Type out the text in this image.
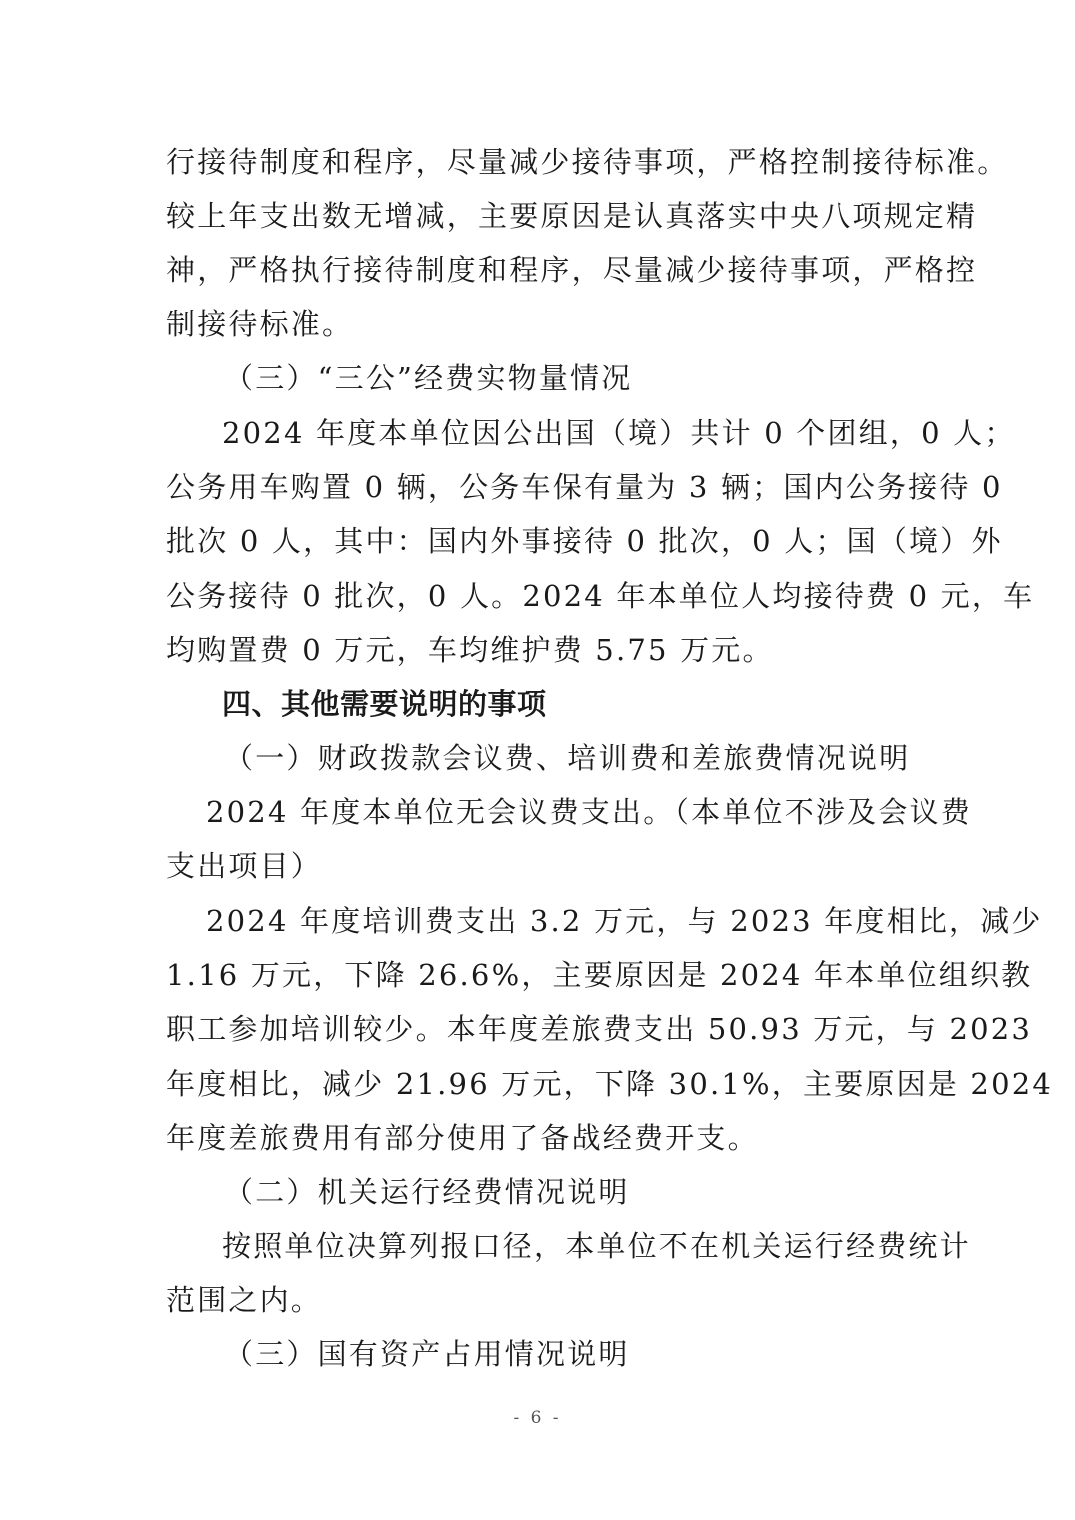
行接待制度和程序，尽量减少接待事项，严格控制接待标准。
较上年支出数无增减，主要原因是认真落实中央八项规定精
神，严格执行接待制度和程序，尽量减少接待事项，严格控
制接待标准。
（三）“三公”经费实物量情况
2024 年度本单位因公出国（境）共计 0 个团组，0 人；
公务用车购置 0 辆，公务车保有量为 3 辆；国内公务接待 0
批次 0 人，其中：国内外事接待 0 批次，0 人；国（境）外
公务接待 0 批次，0 人。2024 年本单位人均接待费 0 元，车
均购置费 0 万元，车均维护费 5.75 万元。
四、其他需要说明的事项
（一）财政拨款会议费、培训费和差旅费情况说明
2024 年度本单位无会议费支出。（本单位不涉及会议费
支出项目）
2024 年度培训费支出 3.2 万元，与 2023 年度相比，减少
1.16 万元，下降 26.6%，主要原因是 2024 年本单位组织教
职工参加培训较少。本年度差旅费支出 50.93 万元，与 2023
年度相比，减少 21.96 万元，下降 30.1%，主要原因是 2024
年度差旅费用有部分使用了备战经费开支。
（二）机关运行经费情况说明
按照单位决算列报口径，本单位不在机关运行经费统计
范围之内。
（三）国有资产占用情况说明
- 6 -
